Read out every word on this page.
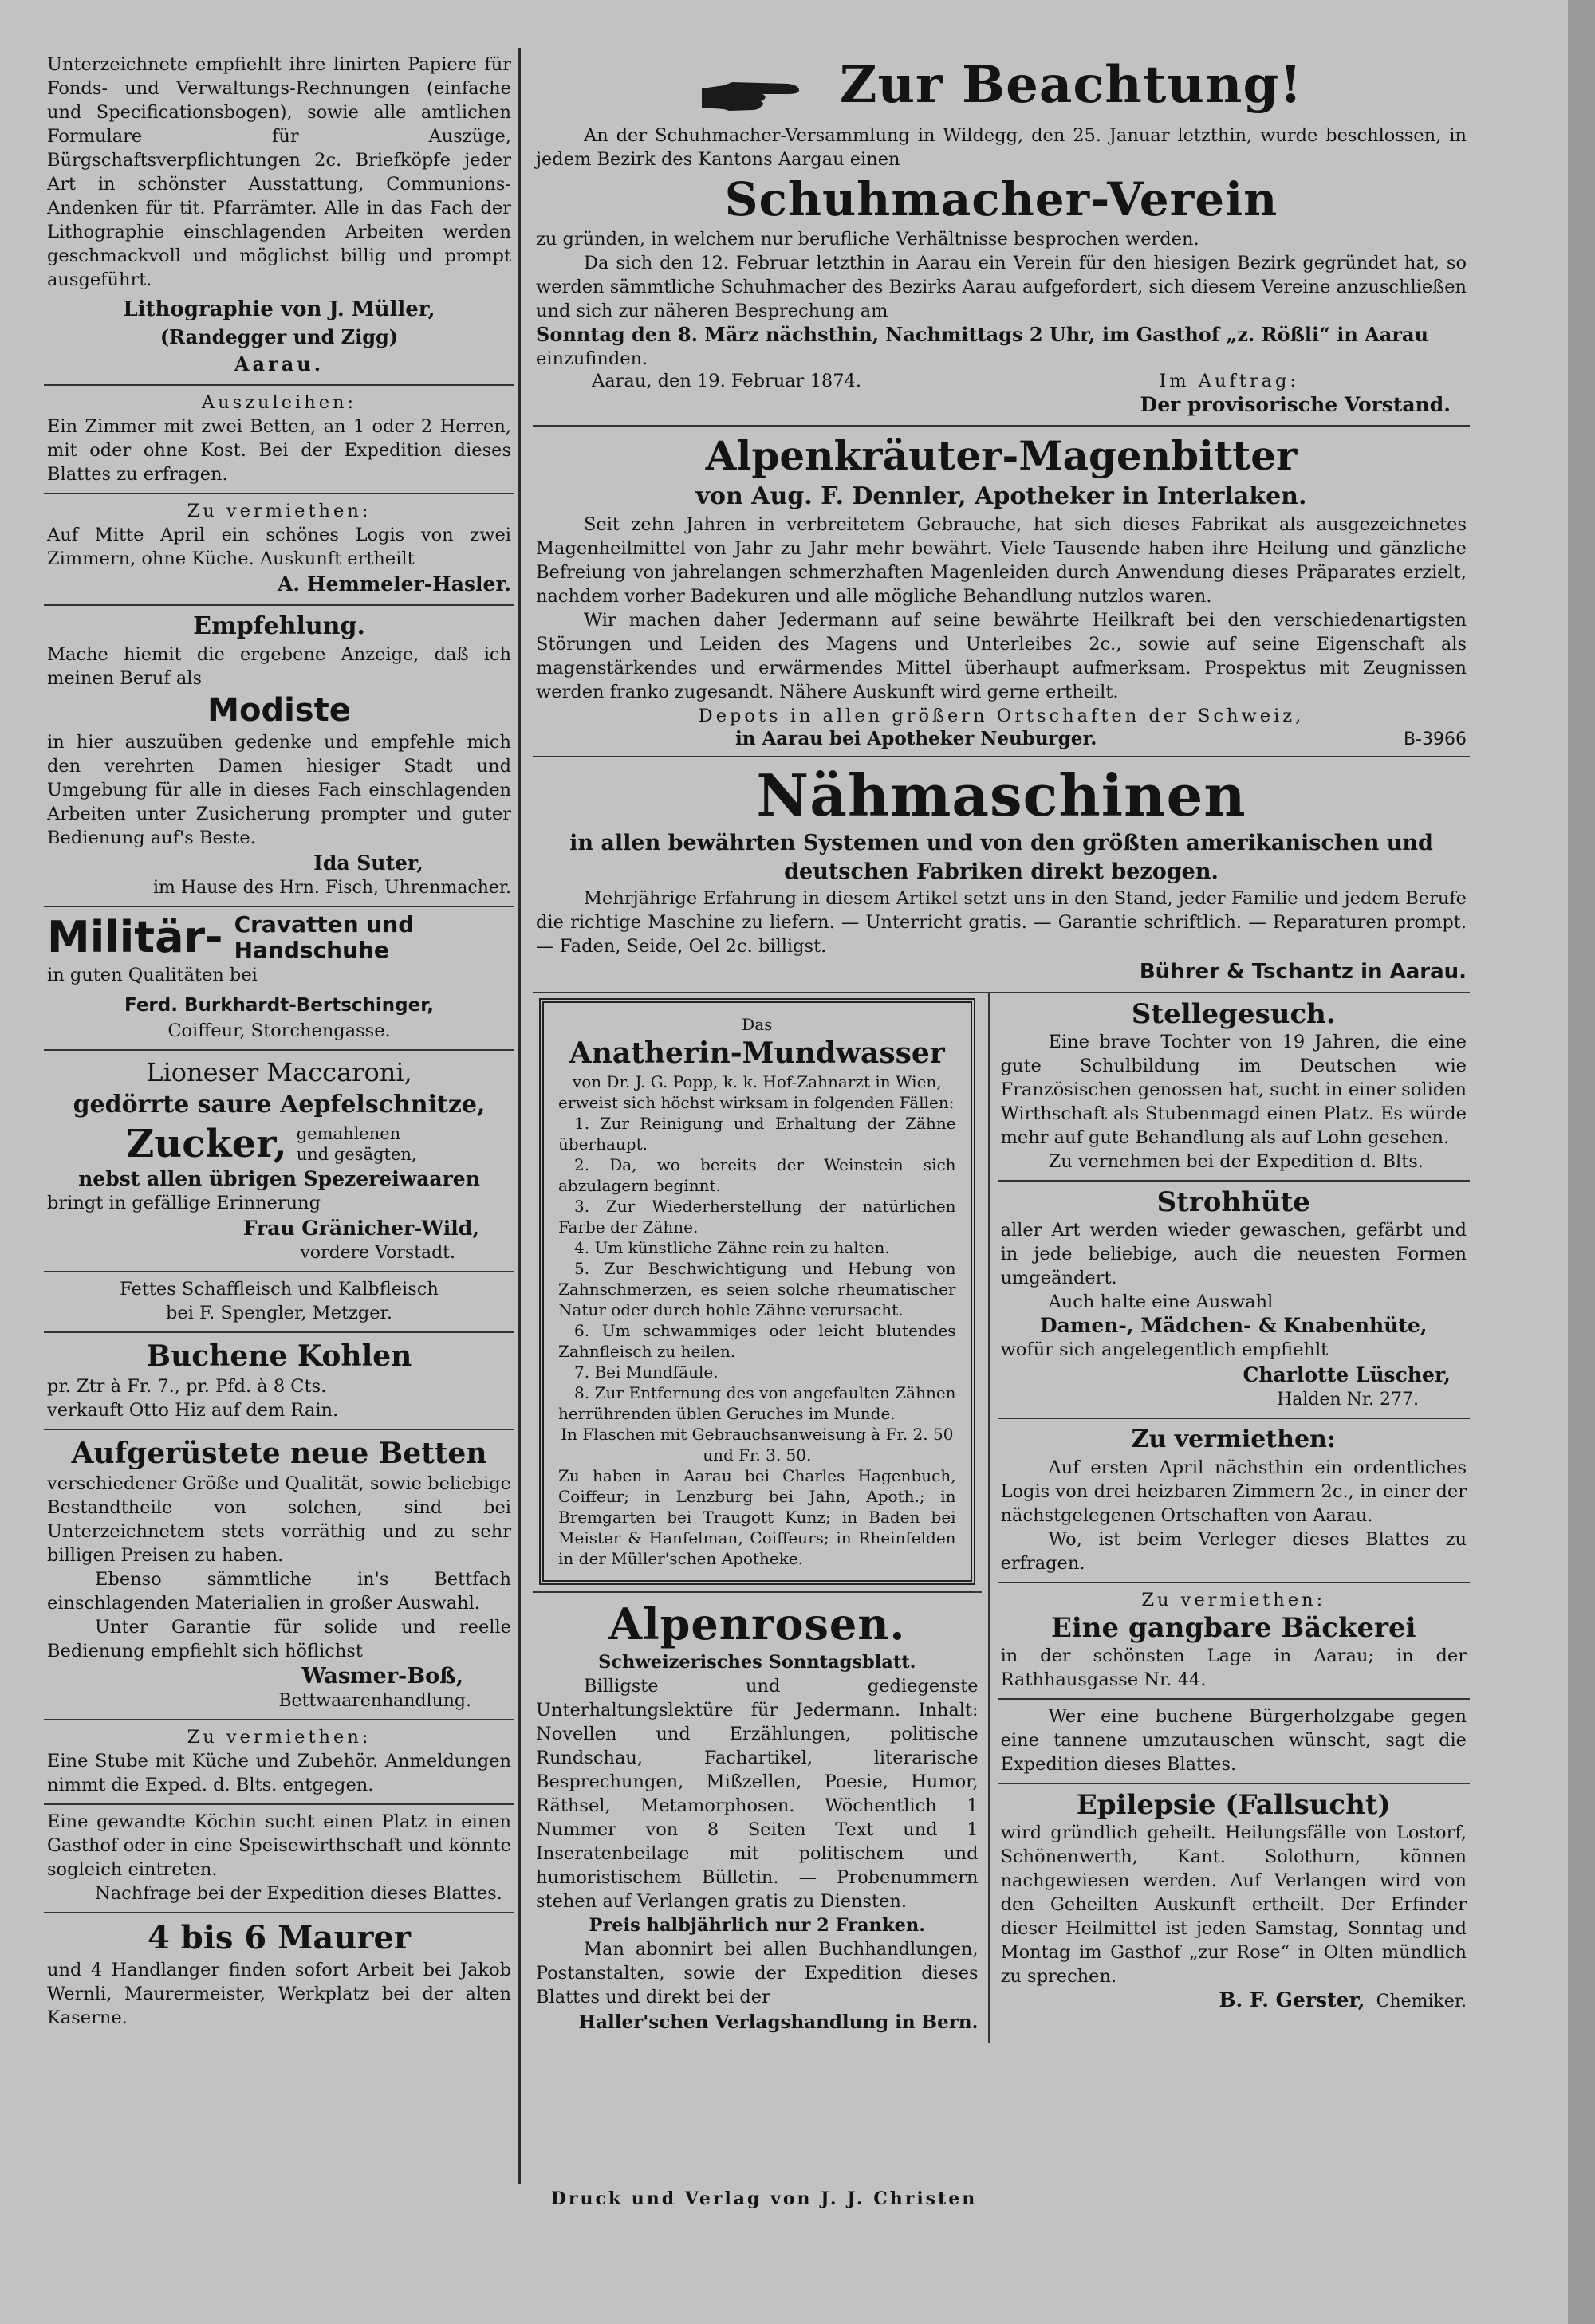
Unterzeichnete empfiehlt ihre linirten Papiere für Fonds- und Verwaltungs-Rechnungen (einfache und Specificationsbogen), sowie alle amtlichen Formulare für Auszüge, Bürgschaftsverpflichtungen 2c. Briefköpfe jeder Art in schönster Ausstattung, Communions-Andenken für tit. Pfarrämter. Alle in das Fach der Lithographie einschlagenden Arbeiten werden geschmackvoll und möglichst billig und prompt ausgeführt.

Lithographie von J. Müller,

(Randegger und Zigg)

Aarau.

Auszuleihen:

Ein Zimmer mit zwei Betten, an 1 oder 2 Herren, mit oder ohne Kost. Bei der Expedition dieses Blattes zu erfragen.

Zu vermiethen:

Auf Mitte April ein schönes Logis von zwei Zimmern, ohne Küche. Auskunft ertheilt

A. Hemmeler-Hasler.

Empfehlung.

Mache hiemit die ergebene Anzeige, daß ich meinen Beruf als

Modiste

in hier auszuüben gedenke und empfehle mich den verehrten Damen hiesiger Stadt und Umgebung für alle in dieses Fach einschlagenden Arbeiten unter Zusicherung prompter und guter Bedienung auf's Beste.

Ida Suter,

im Hause des Hrn. Fisch, Uhrenmacher.

Militär- Cravatten und
Handschuhe

in guten Qualitäten bei

Ferd. Burkhardt-Bertschinger,

Coiffeur, Storchengasse.

Lioneser Maccaroni,

gedörrte saure Aepfelschnitze,

Zucker, gemahlenen und gesägten,

nebst allen übrigen Spezereiwaaren

bringt in gefällige Erinnerung

Frau Gränicher-Wild,

vordere Vorstadt.

Fettes Schaffleisch und Kalbfleisch

bei F. Spengler, Metzger.

Buchene Kohlen

pr. Ztr à Fr. 7., pr. Pfd. à 8 Cts.

verkauft Otto Hiz auf dem Rain.

Aufgerüstete neue Betten

verschiedener Größe und Qualität, sowie beliebige Bestandtheile von solchen, sind bei Unterzeichnetem stets vorräthig und zu sehr billigen Preisen zu haben.

Ebenso sämmtliche in's Bettfach einschlagenden Materialien in großer Auswahl.

Unter Garantie für solide und reelle Bedienung empfiehlt sich höflichst

Wasmer-Boß,

Bettwaarenhandlung.

Zu vermiethen:

Eine Stube mit Küche und Zubehör. Anmeldungen nimmt die Exped. d. Blts. entgegen.

Eine gewandte Köchin sucht einen Platz in einen Gasthof oder in eine Speisewirthschaft und könnte sogleich eintreten.

Nachfrage bei der Expedition dieses Blattes.

4 bis 6 Maurer

und 4 Handlanger finden sofort Arbeit bei Jakob Wernli, Maurermeister, Werkplatz bei der alten Kaserne.

Zur Beachtung!

An der Schuhmacher-Versammlung in Wildegg, den 25. Januar letzthin, wurde beschlossen, in jedem Bezirk des Kantons Aargau einen

Schuhmacher-Verein

zu gründen, in welchem nur berufliche Verhältnisse besprochen werden.

Da sich den 12. Februar letzthin in Aarau ein Verein für den hiesigen Bezirk gegründet hat, so werden sämmtliche Schuhmacher des Bezirks Aarau aufgefordert, sich diesem Vereine anzuschließen und sich zur näheren Besprechung am

Sonntag den 8. März nächsthin, Nachmittags 2 Uhr, im Gasthof „z. Rößli“ in Aarau

einzufinden.

Aarau, den 19. Februar 1874.	Im Auftrag:

Der provisorische Vorstand.

Alpenkräuter-Magenbitter

von Aug. F. Dennler, Apotheker in Interlaken.

Seit zehn Jahren in verbreitetem Gebrauche, hat sich dieses Fabrikat als ausgezeichnetes Magenheilmittel von Jahr zu Jahr mehr bewährt. Viele Tausende haben ihre Heilung und gänzliche Befreiung von jahrelangen schmerzhaften Magenleiden durch Anwendung dieses Präparates erzielt, nachdem vorher Badekuren und alle mögliche Behandlung nutzlos waren.

Wir machen daher Jedermann auf seine bewährte Heilkraft bei den verschiedenartigsten Störungen und Leiden des Magens und Unterleibes 2c., sowie auf seine Eigenschaft als magenstärkendes und erwärmendes Mittel überhaupt aufmerksam. Prospektus mit Zeugnissen werden franko zugesandt. Nähere Auskunft wird gerne ertheilt.

Depots in allen größern Ortschaften der Schweiz,

in Aarau bei Apotheker Neuburger.	B-3966

Nähmaschinen

in allen bewährten Systemen und von den größten amerikanischen und deutschen Fabriken direkt bezogen.

Mehrjährige Erfahrung in diesem Artikel setzt uns in den Stand, jeder Familie und jedem Berufe die richtige Maschine zu liefern. — Unterricht gratis. — Garantie schriftlich. — Reparaturen prompt. — Faden, Seide, Oel 2c. billigst.

Bührer & Tschantz in Aarau.

Das

Anatherin-Mundwasser

von Dr. J. G. Popp, k. k. Hof-Zahnarzt in Wien,

erweist sich höchst wirksam in folgenden Fällen:

1. Zur Reinigung und Erhaltung der Zähne überhaupt.

2. Da, wo bereits der Weinstein sich abzulagern beginnt.

3. Zur Wiederherstellung der natürlichen Farbe der Zähne.

4. Um künstliche Zähne rein zu halten.

5. Zur Beschwichtigung und Hebung von Zahnschmerzen, es seien solche rheumatischer Natur oder durch hohle Zähne verursacht.

6. Um schwammiges oder leicht blutendes Zahnfleisch zu heilen.

7. Bei Mundfäule.

8. Zur Entfernung des von angefaulten Zähnen herrührenden üblen Geruches im Munde.

In Flaschen mit Gebrauchsanweisung à Fr. 2. 50 und Fr. 3. 50.

Zu haben in Aarau bei Charles Hagenbuch, Coiffeur; in Lenzburg bei Jahn, Apoth.; in Bremgarten bei Traugott Kunz; in Baden bei Meister & Hanfelman, Coiffeurs; in Rheinfelden in der Müller'schen Apotheke.

Alpenrosen.

Schweizerisches Sonntagsblatt.

Billigste und gediegenste Unterhaltungslektüre für Jedermann. Inhalt: Novellen und Erzählungen, politische Rundschau, Fachartikel, literarische Besprechungen, Mißzellen, Poesie, Humor, Räthsel, Metamorphosen. Wöchentlich 1 Nummer von 8 Seiten Text und 1 Inseratenbeilage mit politischem und humoristischem Bülletin. — Probenummern stehen auf Verlangen gratis zu Diensten.

Preis halbjährlich nur 2 Franken.

Man abonnirt bei allen Buchhandlungen, Postanstalten, sowie der Expedition dieses Blattes und direkt bei der

Haller'schen Verlagshandlung in Bern.

Stellegesuch.

Eine brave Tochter von 19 Jahren, die eine gute Schulbildung im Deutschen wie Französischen genossen hat, sucht in einer soliden Wirthschaft als Stubenmagd einen Platz. Es würde mehr auf gute Behandlung als auf Lohn gesehen.

Zu vernehmen bei der Expedition d. Blts.

Strohhüte

aller Art werden wieder gewaschen, gefärbt und in jede beliebige, auch die neuesten Formen umgeändert.

Auch halte eine Auswahl

Damen-, Mädchen- & Knabenhüte,

wofür sich angelegentlich empfiehlt

Charlotte Lüscher,

Halden Nr. 277.

Zu vermiethen:

Auf ersten April nächsthin ein ordentliches Logis von drei heizbaren Zimmern 2c., in einer der nächstgelegenen Ortschaften von Aarau.

Wo, ist beim Verleger dieses Blattes zu erfragen.

Zu vermiethen:

Eine gangbare Bäckerei

in der schönsten Lage in Aarau; in der Rathhausgasse Nr. 44.

Wer eine buchene Bürgerholzgabe gegen eine tannene umzutauschen wünscht, sagt die Expedition dieses Blattes.

Epilepsie (Fallsucht)

wird gründlich geheilt. Heilungsfälle von Lostorf, Schönenwerth, Kant. Solothurn, können nachgewiesen werden. Auf Verlangen wird von den Geheilten Auskunft ertheilt. Der Erfinder dieser Heilmittel ist jeden Samstag, Sonntag und Montag im Gasthof „zur Rose“ in Olten mündlich zu sprechen.

B. F. Gerster, Chemiker.
Druck und Verlag von J. J. Christen
